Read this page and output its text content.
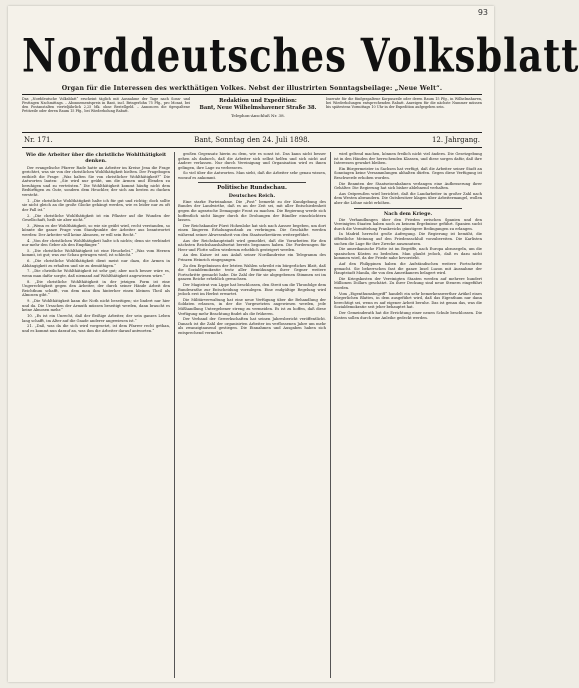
93
Norddeutsches Volksblatt
Organ für die Interessen des werkthätigen Volkes. Nebst der illustrirten Sonntagsbeilage: „Neue Welt“.
Das „Norddeutsche Volksblatt“ erscheint täglich mit Ausnahme der Tage nach Sonn- und Festtagen Nachmittags. – Abonnementspreis in Bant, incl. Bringerlohn 75 Pfg., pro Monat, bei den Postanstalten vierteljährlich 2,25 Mk. ohne Bestellgeld. – Annoncen die 6gespaltene Petitzeile oder deren Raum 15 Pfg., bei Wiederholung Rabatt.
Redaktion und Expedition:
Bant, Neue Wilhelmshavener Straße 38.
Telephon-Anschluß Nr. 38.
Inserate für die fünfgespaltene Korpuszeile oder deren Raum 15 Pfg., in Wilhelmshaven, bei Wiederholungen entsprechenden Rabatt. Anzeigen für die nächste Nummer müssen bis spätestens Vormittags 10 Uhr in der Expedition aufgegeben sein.
Nr. 171.	Bant, Sonntag den 24. Juli 1898.	12. Jahrgang.
Wie die Arbeiter über die christliche Wohlthätigkeit denken.

Der evangelische Pfarrer Rade hatte an Arbeiter im Kreise Jena die Frage gerichtet, was sie von der christlichen Wohlthätigkeit hielten. Der Fragebogen enthielt die Frage: „Was halten Sie von christlicher Wohlthätigkeit?“ Die Antworten lauten: „Sie wird nur geübt, um die Armen und Elenden zu beruhigen und zu vertrösten.“ Die Wohlthätigkeit kommt häufig nicht dem Bedürftigen zu Gute, sondern dem Heuchler, der sich am besten zu ducken versteht.

1. „Die christliche Wohlthätigkeit halte ich für gut und richtig; doch sollte sie nicht gleich an die große Glocke gehängt werden, wie es leider nur zu oft der Fall ist.“

2. „Die christliche Wohlthätigkeit ist ein Pflaster auf die Wunden der Gesellschaft, heilt sie aber nicht.“

3. „Wenn es der Wohlthätigkeit, so wie sie geübt wird, recht verstanden, so könnte die ganze Frage vom Standpunkte der Arbeiter aus beantwortet werden: Der Arbeiter will keine Almosen, er will sein Recht.“

4. „Von der christlichen Wohlthätigkeit halte ich nichts; denn sie verbindet nur mehr den Geber als den Empfänger.“

5. „Die christliche Wohlthätigkeit ist eine Heuchelei.“ „Was vom Herzen kommt, ist gut; was zur Schau getragen wird, ist schlecht.“

6. „Die christliche Wohlthätigkeit dient meist nur dazu, die Armen in Abhängigkeit zu erhalten und sie zu demüthigen.“

7. „Die christliche Wohlthätigkeit ist sehr gut; aber noch besser wäre es, wenn man dafür sorgte, daß niemand auf Wohlthätigkeit angewiesen wäre.“

8. „Die christliche Wohlthätigkeit in der jetzigen Form ist eine Ungerechtigkeit gegen den Arbeiter, der durch seiner Hände Arbeit den Reichthum schafft, von dem man ihm hinterher einen kleinen Theil als Almosen gibt.“

9. „Die Wohlthätigkeit kann die Noth nicht beseitigen; sie lindert nur hier und da. Die Ursachen der Armuth müssen beseitigt werden, dann braucht es keine Almosen mehr.“

10. „Es ist ein Unrecht, daß der fleißige Arbeiter, der sein ganzes Leben lang schafft, im Alter auf die Gnade anderer angewiesen ist.“

21. „Daß, was da die sich wird vorgesetzt, ist dem Pfarrer recht gethan, und es kommt nun darauf an, was ihm die Arbeiter darauf antworten.“

großen Gegensatz hierin zu dem, wie es sonst ist. Das kann nicht besser gehen als dadurch, daß die Arbeiter sich selbst helfen und sich nicht auf Andere verlassen. Nur durch Vereinigung und Organisation wird es ihnen gelingen, ihre Lage zu verbessern.

So viel über die Antworten. Man sieht, daß die Arbeiter sehr genau wissen, worauf es ankommt.

Politische Rundschau.
Deutsches Reich.

Eine starke Parteinahme. Die „Post“ bemerkt zu der Kundgebung des Bundes der Landwirthe, daß es an der Zeit sei, mit aller Entschiedenheit gegen die agrarische Demagogie Front zu machen. Die Regierung werde sich hoffentlich nicht länger durch die Drohungen der Bündler einschüchtern lassen.

Der Reichskanzler Fürst Hohenlohe hat sich nach Aussee begeben, um dort einen längeren Erholungsurlaub zu verbringen. Die Geschäfte werden während seiner Abwesenheit von den Staatssekretären weitergeführt.

Aus der Reichshauptstadt wird gemeldet, daß die Vorarbeiten für den nächsten Reichshaushaltsetat bereits begonnen haben. Die Forderungen für Heer und Flotte sollen wiederum erheblich gesteigert werden.

An den Kaiser ist aus Anlaß seiner Nordlandreise ein Telegramm des Prinzen Heinrich eingegangen.

Zu den Ergebnissen der letzten Wahlen schreibt ein bürgerliches Blatt, daß die Sozialdemokratie trotz aller Bemühungen ihrer Gegner weitere Fortschritte gemacht habe. Die Zahl der für sie abgegebenen Stimmen sei im ganzen Reiche erheblich gewachsen.

Der Magistrat von Lippe hat beschlossen, den Streit um die Thronfolge dem Bundesrathe zur Entscheidung vorzulegen. Eine endgültige Regelung wird jedoch erst im Herbst erwartet.

Die Militärverwaltung hat eine neue Verfügung über die Behandlung der Soldaten erlassen, in der die Vorgesetzten angewiesen werden, jede Mißhandlung Untergebener streng zu vermeiden. Es ist zu hoffen, daß diese Verfügung mehr Beachtung findet als die früheren.

Der Verband der Gewerkschaften hat seinen Jahresbericht veröffentlicht. Danach ist die Zahl der organisirten Arbeiter im verflossenen Jahre um mehr als zwanzigtausend gestiegen. Die Einnahmen und Ausgaben haben sich entsprechend vermehrt.

wird geltend machen, können freilich nicht viel ändern. Die Gesetzgebung ist in den Händen der herrschenden Klassen, und diese sorgen dafür, daß ihre Interessen gewahrt bleiben.

Ein Bürgermeister in Sachsen hat verfügt, daß die Arbeiter seiner Stadt an Sonntagen keine Versammlungen abhalten dürfen. Gegen diese Verfügung ist Beschwerde erhoben worden.

Die Beamten der Staatseisenbahnen verlangen eine Aufbesserung ihrer Gehälter. Die Regierung hat sich bisher ablehnend verhalten.

Aus Ostpreußen wird berichtet, daß die Landarbeiter in großer Zahl nach dem Westen abwandern. Die Gutsbesitzer klagen über Arbeitermangel, wollen aber die Löhne nicht erhöhen.

Nach dem Kriege.

Die Verhandlungen über den Frieden zwischen Spanien und den Vereinigten Staaten haben noch zu keinem Ergebnisse geführt. Spanien sucht durch die Vermittelung Frankreichs günstigere Bedingungen zu erlangen.

In Madrid herrscht große Aufregung. Die Regierung ist bemüht, die öffentliche Meinung auf den Friedensschluß vorzubereiten. Die Karlisten suchen die Lage für ihre Zwecke auszunutzen.

Die amerikanische Flotte ist im Begriffe, nach Europa abzusegeln, um die spanischen Küsten zu bedrohen. Man glaubt jedoch, daß es dazu nicht kommen wird, da der Friede nahe bevorsteht.

Auf den Philippinen haben die Aufständischen weitere Fortschritte gemacht. Sie beherrschen fast die ganze Insel Luzon mit Ausnahme der Hauptstadt Manila, die von den Amerikanern belagert wird.

Die Kriegskosten der Vereinigten Staaten werden auf mehrere hundert Millionen Dollars geschätzt. Zu ihrer Deckung sind neue Steuern eingeführt worden.

Vom „Eigenthumsbegriff“ handelt ein sehr bemerkenswerther Artikel eines bürgerlichen Blattes, in dem ausgeführt wird, daß das Eigenthum nur dann berechtigt sei, wenn es auf eigener Arbeit beruhe. Das ist genau das, was die Sozialdemokratie seit jeher behauptet hat.

Der Gemeinderath hat die Errichtung einer neuen Schule beschlossen. Die Kosten sollen durch eine Anleihe gedeckt werden.
